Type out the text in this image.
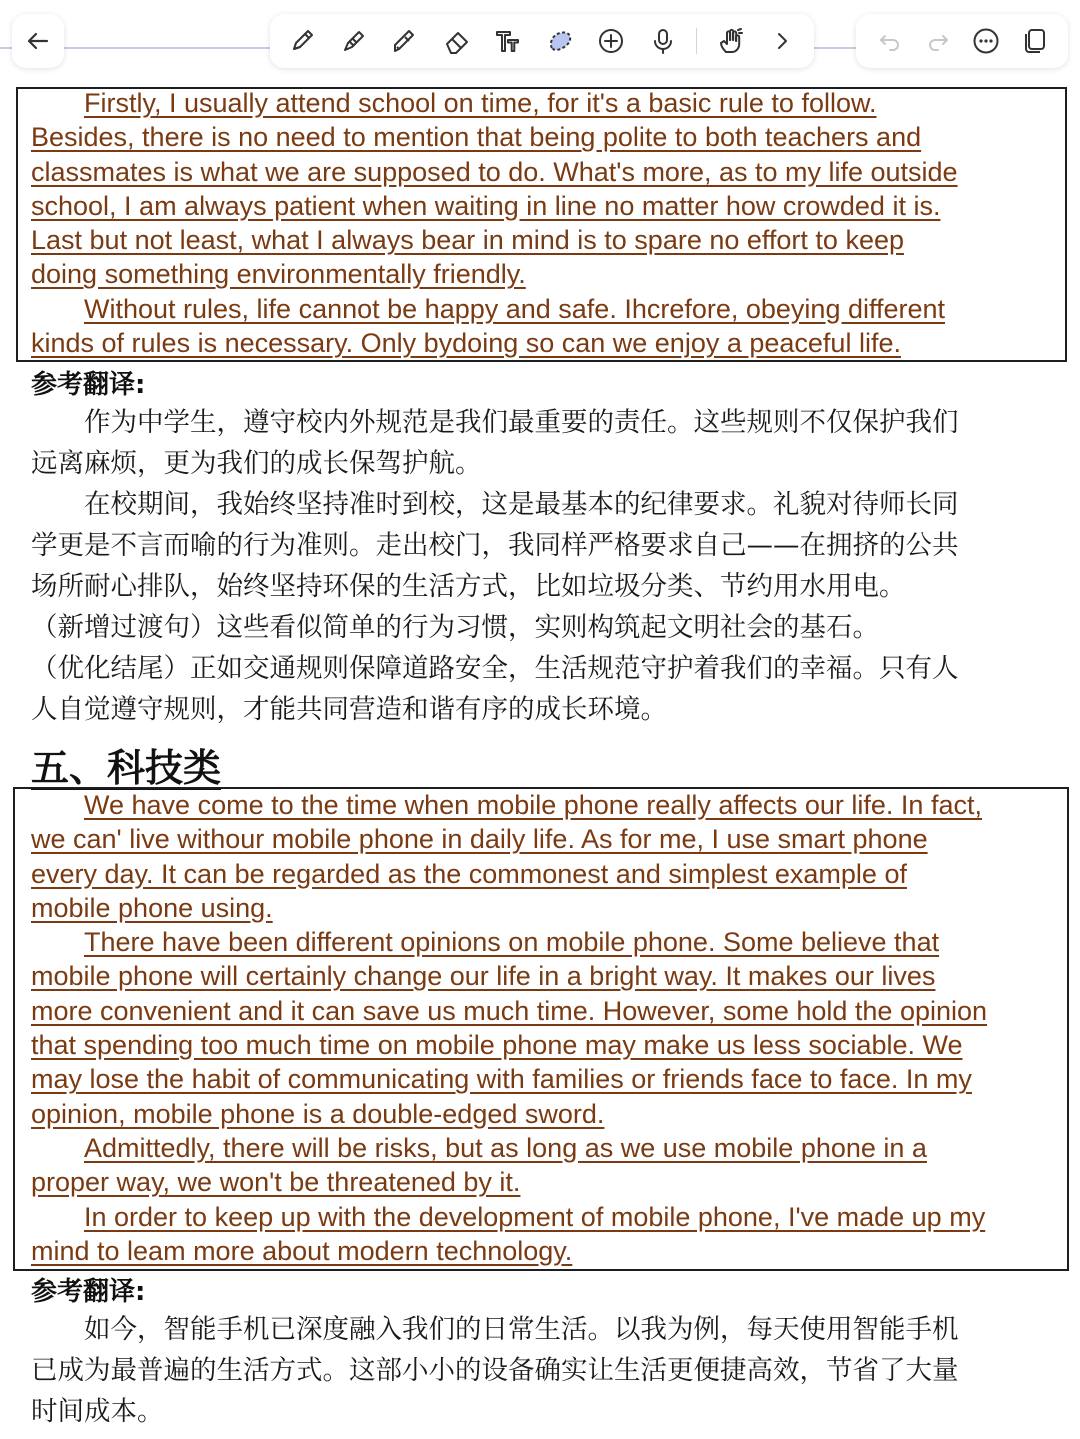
Firstly, I usually attend school on time, for it's a basic rule to follow.
Besides, there is no need to mention that being polite to both teachers and
classmates is what we are supposed to do. What's more, as to my life outside
school, I am always patient when waiting in line no matter how crowded it is.
Last but not least, what I always bear in mind is to spare no effort to keep
doing something environmentally friendly.
Without rules, life cannot be happy and safe. Ihcrefore, obeying different
kinds of rules is necessary. Only bydoing so can we enjoy a peaceful life.
参考翻译:
作为中学生，遵守校内外规范是我们最重要的责任。这些规则不仅保护我们
远离麻烦，更为我们的成长保驾护航。
在校期间，我始终坚持准时到校，这是最基本的纪律要求。礼貌对待师长同
学更是不言而喻的行为准则。走出校门，我同样严格要求自己——在拥挤的公共
场所耐心排队，始终坚持环保的生活方式，比如垃圾分类、节约用水用电。
（新增过渡句）这些看似简单的行为习惯，实则构筑起文明社会的基石。
（优化结尾）正如交通规则保障道路安全，生活规范守护着我们的幸福。只有人
人自觉遵守规则，才能共同营造和谐有序的成长环境。
五、科技类
We have come to the time when mobile phone really affects our life. In fact,
we can' live withour mobile phone in daily life. As for me, I use smart phone
every day. It can be regarded as the commonest and simplest example of
mobile phone using.
There have been different opinions on mobile phone. Some believe that
mobile phone will certainly change our life in a bright way. It makes our lives
more convenient and it can save us much time. However, some hold the opinion
that spending too much time on mobile phone may make us less sociable. We
may lose the habit of communicating with families or friends face to face. In my
opinion, mobile phone is a double-edged sword.
Admittedly, there will be risks, but as long as we use mobile phone in a
proper way, we won't be threatened by it.
In order to keep up with the development of mobile phone, I've made up my
mind to leam more about modern technology.
参考翻译:
如今，智能手机已深度融入我们的日常生活。以我为例，每天使用智能手机
已成为最普遍的生活方式。这部小小的设备确实让生活更便捷高效，节省了大量
时间成本。
